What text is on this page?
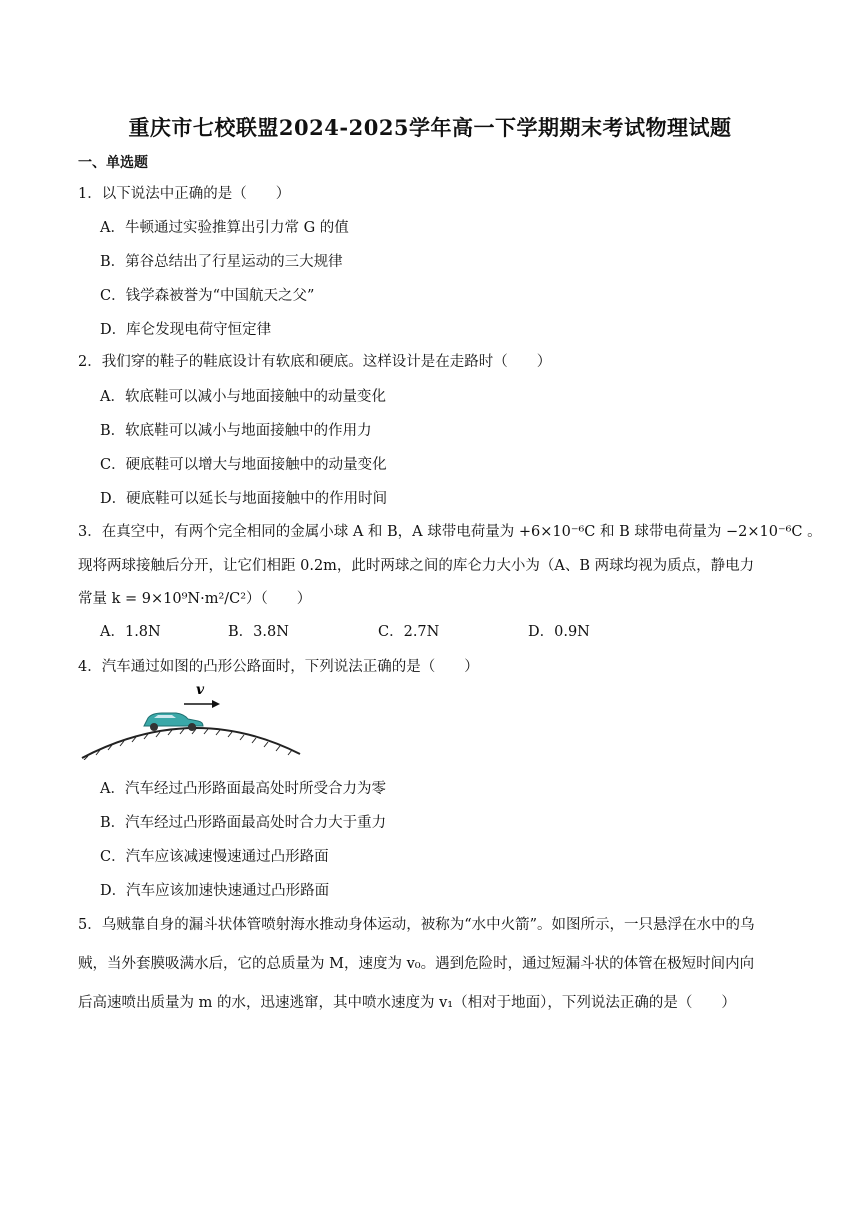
重庆市七校联盟2024-2025学年高一下学期期末考试物理试题
一、单选题
1．以下说法中正确的是（　　）
A．牛顿通过实验推算出引力常 G 的值
B．第谷总结出了行星运动的三大规律
C．钱学森被誉为“中国航天之父”
D．库仑发现电荷守恒定律
2．我们穿的鞋子的鞋底设计有软底和硬底。这样设计是在走路时（　　）
A．软底鞋可以减小与地面接触中的动量变化
B．软底鞋可以减小与地面接触中的作用力
C．硬底鞋可以增大与地面接触中的动量变化
D．硬底鞋可以延长与地面接触中的作用时间
3．在真空中，有两个完全相同的金属小球 A 和 B，A 球带电荷量为 +6×10⁻⁶C 和 B 球带电荷量为 −2×10⁻⁶C 。
现将两球接触后分开，让它们相距 0.2m，此时两球之间的库仑力大小为（A、B 两球均视为质点，静电力
常量 k = 9×10⁹N·m²/C²）（　　）
A．1.8N	B．3.8N	C．2.7N	D．0.9N
4．汽车通过如图的凸形公路面时，下列说法正确的是（　　）
v
A．汽车经过凸形路面最高处时所受合力为零
B．汽车经过凸形路面最高处时合力大于重力
C．汽车应该减速慢速通过凸形路面
D．汽车应该加速快速通过凸形路面
5．乌贼靠自身的漏斗状体管喷射海水推动身体运动，被称为“水中火箭”。如图所示，一只悬浮在水中的乌
贼，当外套膜吸满水后，它的总质量为 M，速度为 v₀。遇到危险时，通过短漏斗状的体管在极短时间内向
后高速喷出质量为 m 的水，迅速逃窜，其中喷水速度为 v₁（相对于地面），下列说法正确的是（　　）
